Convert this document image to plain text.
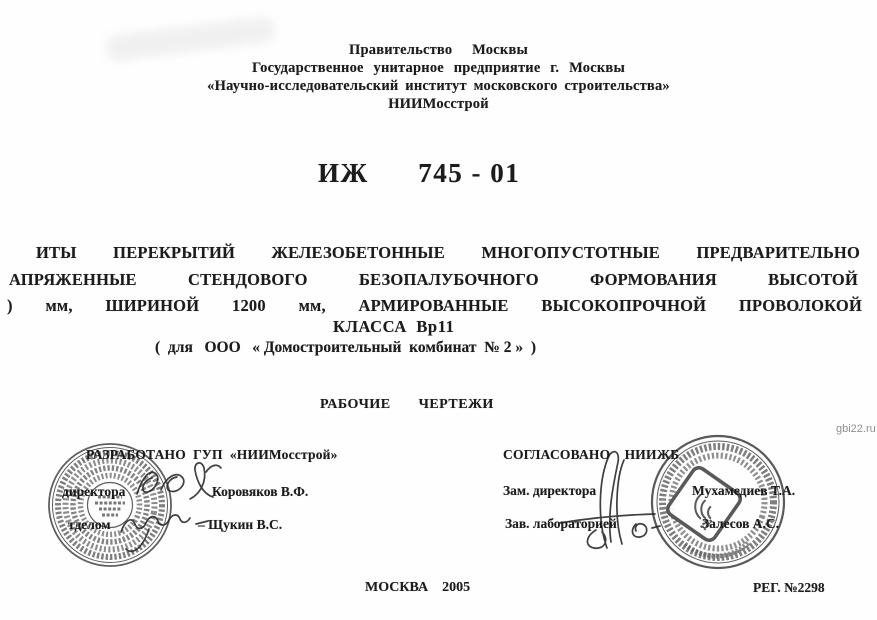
Правительство Москвы
Государственное унитарное предприятие г. Москвы
«Научно-исследовательский институт московского строительства»
НИИМосстрой
ИЖ      745 - 01
ИТЫ ПЕРЕКРЫТИЙ ЖЕЛЕЗОБЕТОННЫЕ МНОГОПУСТОТНЫЕ ПРЕДВАРИТЕЛЬНО
АПРЯЖЕННЫЕ СТЕНДОВОГО БЕЗОПАЛУБОЧНОГО ФОРМОВАНИЯ ВЫСОТОЙ
) мм, ШИРИНОЙ 1200 мм, АРМИРОВАННЫЕ ВЫСОКОПРОЧНОЙ ПРОВОЛОКОЙ
КЛАССА  Вр11
(  для   ООО   « Домостроительный  комбинат  № 2 »  )
РАБОЧИЕ       ЧЕРТЕЖИ
РАЗРАБОТАНО  ГУП  «НИИМосстрой»
директора	Коровяков В.Ф.
тделом	– Щукин В.С.
СОГЛАСОВАНО    НИИЖБ
Зам. директора	Мухамедиев Т.А.
Зав. лабораторией	Залесов А.С.
МОСКВА    2005	РЕГ. №2298
gbi22.ru
